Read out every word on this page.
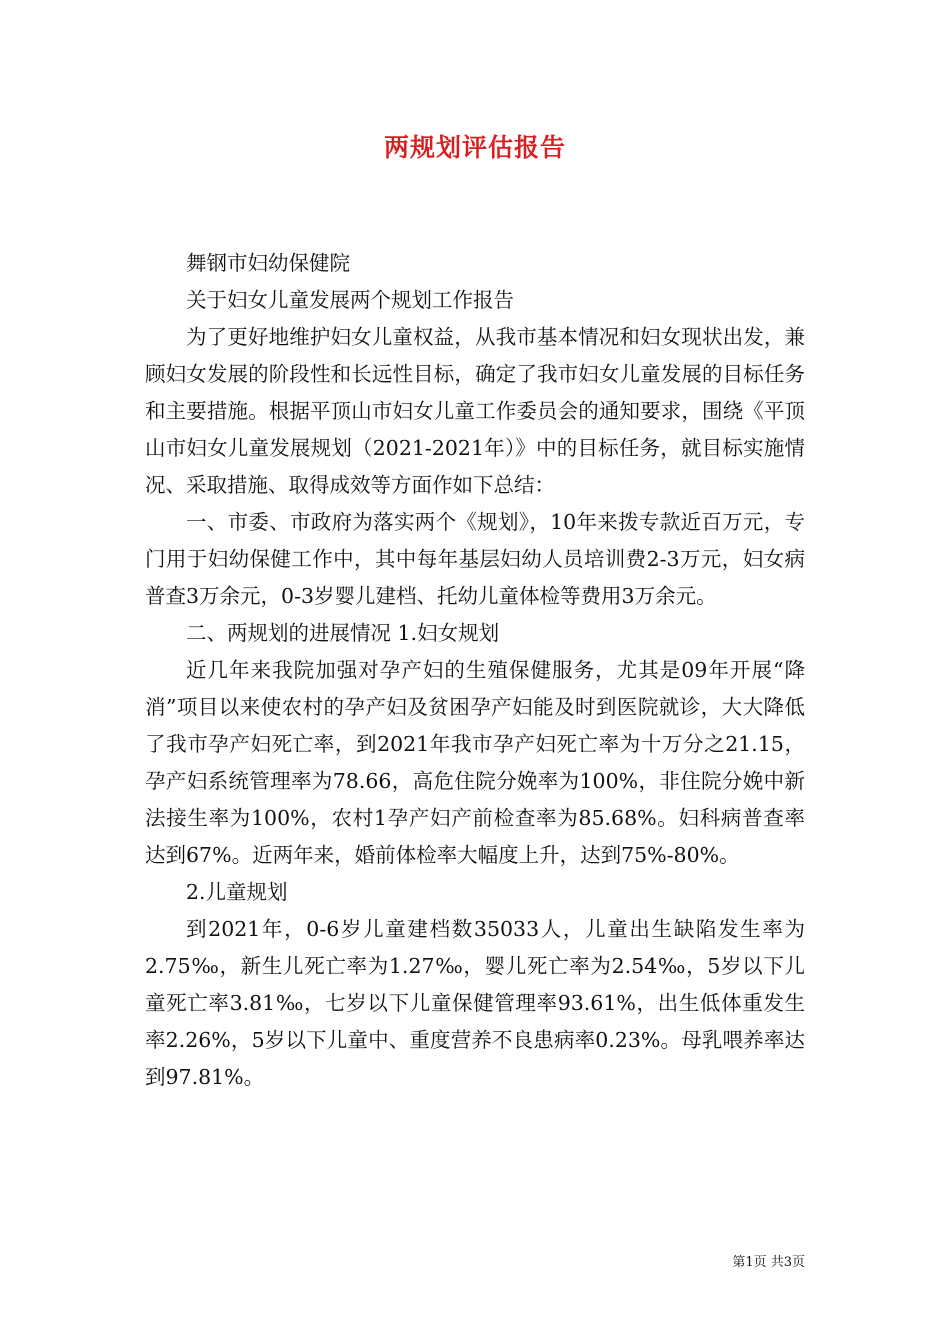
两规划评估报告

舞钢市妇幼保健院

关于妇女儿童发展两个规划工作报告

为了更好地维护妇女儿童权益，从我市基本情况和妇女现状出发，兼顾妇女发展的阶段性和长远性目标，确定了我市妇女儿童发展的目标任务和主要措施。根据平顶山市妇女儿童工作委员会的通知要求，围绕《平顶山市妇女儿童发展规划（2021-2021年）》中的目标任务，就目标实施情况、采取措施、取得成效等方面作如下总结：

一、市委、市政府为落实两个《规划》，10年来拨专款近百万元，专门用于妇幼保健工作中，其中每年基层妇幼人员培训费2-3万元，妇女病普查3万余元，0-3岁婴儿建档、托幼儿童体检等费用3万余元。

二、两规划的进展情况 1.妇女规划

近几年来我院加强对孕产妇的生殖保健服务，尤其是09年开展“降消”项目以来使农村的孕产妇及贫困孕产妇能及时到医院就诊，大大降低了我市孕产妇死亡率，到2021年我市孕产妇死亡率为十万分之21.15，孕产妇系统管理率为78.66，高危住院分娩率为100%，非住院分娩中新法接生率为100%，农村1孕产妇产前检查率为85.68%。妇科病普查率达到67%。近两年来，婚前体检率大幅度上升，达到75%-80%。

2.儿童规划

到2021年，0-6岁儿童建档数35033人，儿童出生缺陷发生率为2.75‰，新生儿死亡率为1.27‰，婴儿死亡率为2.54‰，5岁以下儿童死亡率3.81‰，七岁以下儿童保健管理率93.61%，出生低体重发生率2.26%，5岁以下儿童中、重度营养不良患病率0.23%。母乳喂养率达到97.81%。

第1页 共3页
